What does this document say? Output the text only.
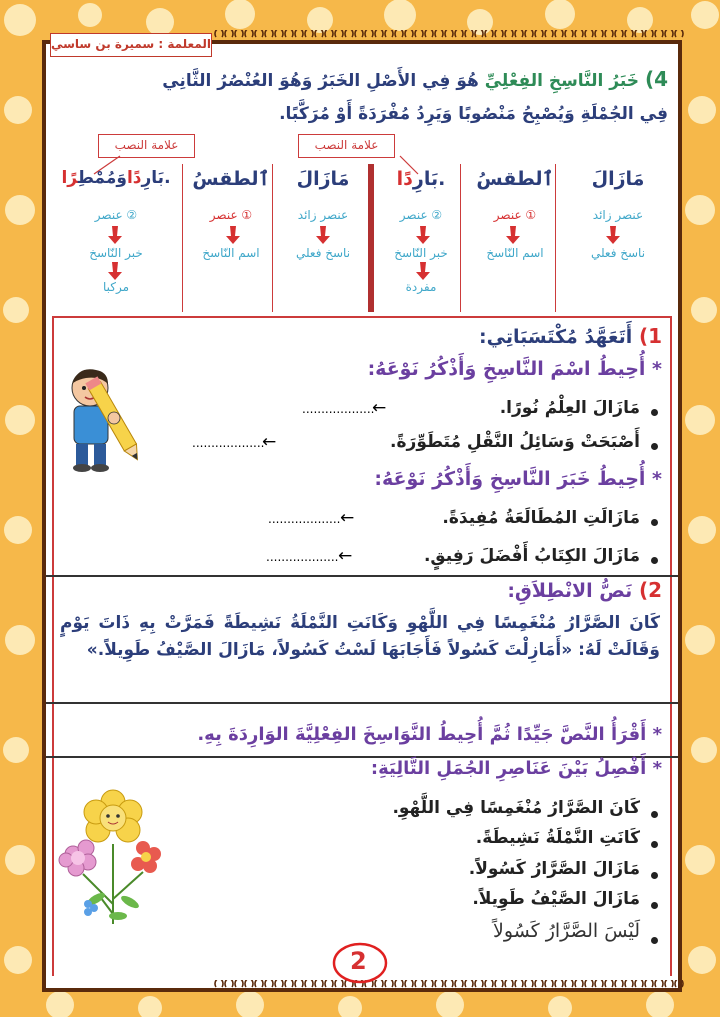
المعلمة : سميرة بن ساسي
4) خَبَرُ النَّاسِخِ الفِعْلِيِّ هُوَ فِي الأَصْلِ الخَبَرُ وَهُوَ العُنْصُرُ الثَّانِي
فِي الجُمْلَةِ وَيُصْبِحُ مَنْصُوبًا وَيَرِدُ مُفْرَدَةً أَوْ مُرَكَّبًا.
علامة النصب	علامة النصب
مَازَالَ
ٱلطقس
بَارِدًا .
عنصر زائد
عنصر ①
عنصر ②
ناسخ فعلي
اسم النّاسخ
خبر النّاسخ
مفردة
مَازَالَ
ٱلطقس
بَارِدًاوَمُمْطِرًا	.
عنصر زائد
عنصر ①
عنصر ②
ناسخ فعلي
اسم النّاسخ
خبر النّاسخ
مركبا
1) أَتَعَهَّدُ مُكْتَسَبَاتِي:
* أُحِيطُ اسْمَ النَّاسِخِ وَأَذْكُرُ نَوْعَهُ:
مَازَالَ العِلْمُ نُورًا.
←
...................
أَصْبَحَتْ وَسَائِلُ النَّقْلِ مُتَطَوِّرَةً.
←
...................
* أُحِيطُ خَبَرَ النَّاسِخِ وَأَذْكُرُ نَوْعَهُ:
مَازَالَتِ المُطَالَعَةُ مُفِيدَةً.
←
...................
مَازَالَ الكِتَابُ أَفْضَلَ رَفِيقٍ.
←
...................
2) نَصُّ الانْطِلاَقِ:
كَانَ الصَّرَّارُ مُنْغَمِسًا فِي اللَّهْوِ وَكَانَتِ النَّمْلَةُ نَشِيطَةً فَمَرَّتْ بِهِ ذَاتَ يَوْمٍ وَقَالَتْ لَهُ: «أَمَازِلْتَ كَسُولاً فَأَجَابَهَا لَسْتُ كَسُولاً، مَازَالَ الصَّيْفُ طَوِيلاً.»
* أَقْرَأُ النَّصَّ جَيِّدًا ثُمَّ أُحِيطُ النَّوَاسِخَ الفِعْلِيَّةَ الوَارِدَةَ بِهِ.
* أَفْصِلُ بَيْنَ عَنَاصِرِ الجُمَلِ التَّالِيَةِ:
كَانَ الصَّرَّارُ مُنْغَمِسًا فِي اللَّهْوِ.
كَانَتِ النَّمْلَةُ نَشِيطَةً.
مَازَالَ الصَّرَّارُ كَسُولاً.
مَازَالَ الصَّيْفُ طَوِيلاً.
لَيْسَ الصَّرَّارُ كَسُولاً
2
